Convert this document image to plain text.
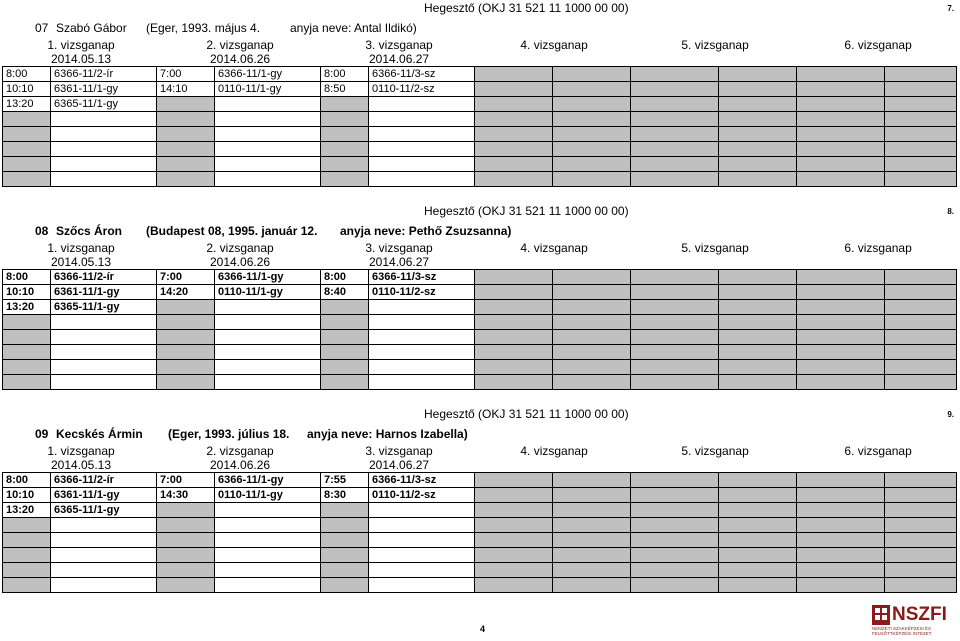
Hegesztő (OKJ 31 521 11 1000 00 00)	7.
07 Szabó Gábor (Eger, 1993. május 4. anyja neve: Antal Ildikó)
1. vizsganap		2. vizsganap		3. vizsganap		4. vizsganap		5. vizsganap		6. vizsganap	
2014.05.13		2014.06.26		2014.06.27							
8:00	6366-11/2-ír	7:00	6366-11/1-gy	8:00	6366-11/3-sz						
10:10	6361-11/1-gy	14:10	0110-11/1-gy	8:50	0110-11/2-sz						
13:20	6365-11/1-gy										

Hegesztő (OKJ 31 521 11 1000 00 00)	8.
08 Szőcs Áron (Budapest 08, 1995. január 12. anyja neve: Pethő Zsuzsanna)
1. vizsganap		2. vizsganap		3. vizsganap		4. vizsganap		5. vizsganap		6. vizsganap	
2014.05.13		2014.06.26		2014.06.27							
8:00	6366-11/2-ír	7:00	6366-11/1-gy	8:00	6366-11/3-sz						
10:10	6361-11/1-gy	14:20	0110-11/1-gy	8:40	0110-11/2-sz						
13:20	6365-11/1-gy										

Hegesztő (OKJ 31 521 11 1000 00 00)	9.
09 Kecskés Ármin (Eger, 1993. július 18. anyja neve: Harnos Izabella)
1. vizsganap		2. vizsganap		3. vizsganap		4. vizsganap		5. vizsganap		6. vizsganap	
2014.05.13		2014.06.26		2014.06.27							
8:00	6366-11/2-ír	7:00	6366-11/1-gy	7:55	6366-11/3-sz						
10:10	6361-11/1-gy	14:30	0110-11/1-gy	8:30	0110-11/2-sz						
13:20	6365-11/1-gy										

4
NSZFI
NEMZETI SZAKKÉPZÉSI ÉS
FELNŐTTKÉPZÉSI INTÉZET
